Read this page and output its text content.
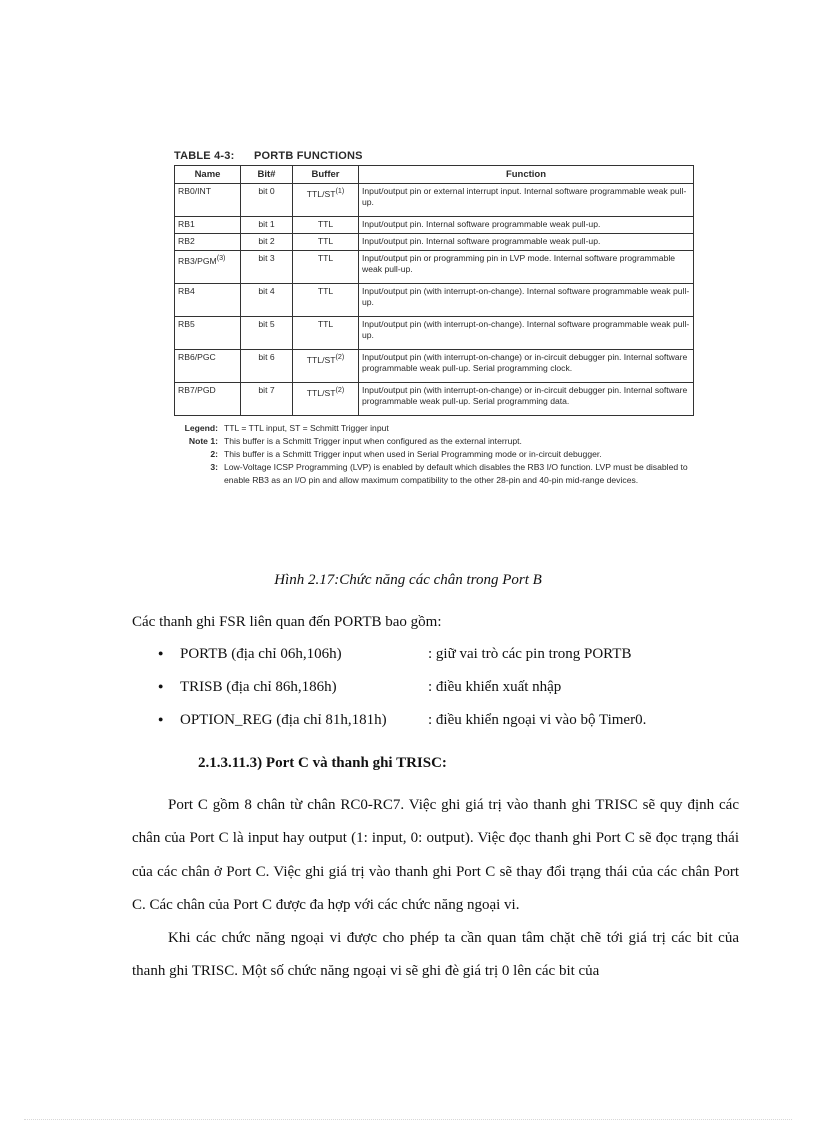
TABLE 4-3: PORTB FUNCTIONS
Name	Bit#	Buffer	Function
RB0/INT	bit 0	TTL/ST$^{(1)}$	Input/output pin or external interrupt input. Internal software programmable weak pull-up.
RB1	bit 1	TTL	Input/output pin. Internal software programmable weak pull-up.
RB2	bit 2	TTL	Input/output pin. Internal software programmable weak pull-up.
RB3/PGM$^{(3)}$	bit 3	TTL	Input/output pin or programming pin in LVP mode. Internal software programmable weak pull-up.
RB4	bit 4	TTL	Input/output pin (with interrupt-on-change). Internal software programmable weak pull-up.
RB5	bit 5	TTL	Input/output pin (with interrupt-on-change). Internal software programmable weak pull-up.
RB6/PGC	bit 6	TTL/ST$^{(2)}$	Input/output pin (with interrupt-on-change) or in-circuit debugger pin. Internal software programmable weak pull-up. Serial programming clock.
RB7/PGD	bit 7	TTL/ST$^{(2)}$	Input/output pin (with interrupt-on-change) or in-circuit debugger pin. Internal software programmable weak pull-up. Serial programming data.
Legend: TTL = TTL input, ST = Schmitt Trigger input
Note 1: This buffer is a Schmitt Trigger input when configured as the external interrupt.
2: This buffer is a Schmitt Trigger input when used in Serial Programming mode or in-circuit debugger.
3: Low-Voltage ICSP Programming (LVP) is enabled by default which disables the RB3 I/O function. LVP must be disabled to enable RB3 as an I/O pin and allow maximum compatibility to the other 28-pin and 40-pin mid-range devices.
Hình 2.17:Chức năng các chân trong Port B
Các thanh ghi FSR liên quan đến PORTB bao gồm:
●
PORTB (địa chỉ 06h,106h)	: giữ vai trò các pin trong PORTB
●
TRISB (địa chỉ 86h,186h)	: điều khiển xuất nhập
●
OPTION_REG (địa chỉ 81h,181h)	: điều khiển ngoại vi vào bộ Timer0.
2.1.3.11.3) Port C và thanh ghi TRISC:

Port C gồm 8 chân từ chân RC0-RC7. Việc ghi giá trị vào thanh ghi TRISC sẽ quy định các chân của Port C là input hay output (1: input, 0: output). Việc đọc thanh ghi Port C sẽ đọc trạng thái của các chân ở Port C. Việc ghi giá trị vào thanh ghi Port C sẽ thay đổi trạng thái của các chân Port C. Các chân của Port C được đa hợp với các chức năng ngoại vi.

Khi các chức năng ngoại vi được cho phép ta cần quan tâm chặt chẽ tới giá trị các bit của thanh ghi TRISC. Một số chức năng ngoại vi sẽ ghi đè giá trị 0 lên các bit của
